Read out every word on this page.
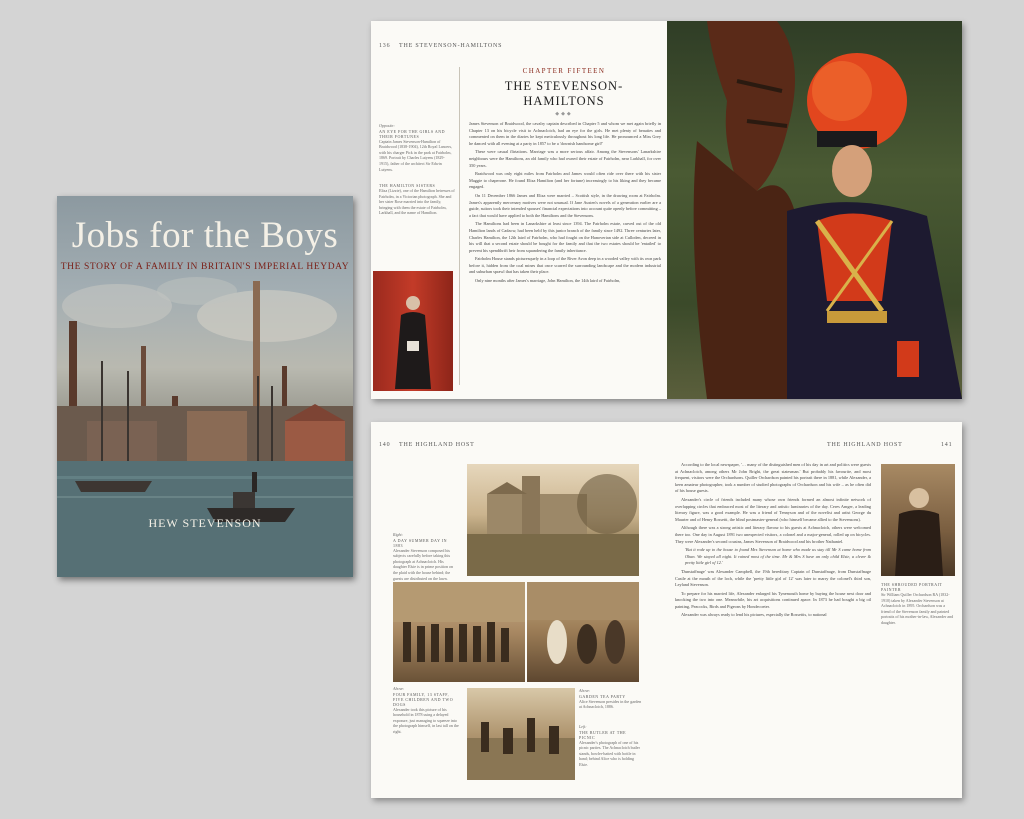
Jobs for the Boys
THE STORY OF A FAMILY IN BRITAIN'S IMPERIAL HEYDAY
HEW STEVENSON
136 THE STEVENSON-HAMILTONS
CHAPTER FIFTEEN
THE STEVENSON-HAMILTONS
◆◆◆
Opposite:
AN EYE FOR THE GIRLS AND THEIR FORTUNES
Captain James Stevenson-Hamilton of Braidwood (1838-1904), 12th Royal Lancers, with his charger Pick in the park at Fairholm, 1869. Portrait by Charles Lutyens (1829-1915), father of the architect Sir Edwin Lutyens.
THE HAMILTON SISTERS
Eliza (Lizzie), one of the Hamilton heiresses of Fairholm, in a Victorian photograph. She and her sister Rose married into the family, bringing with them the estate of Fairholm, Larkhall, and the name of Hamilton.

James Stevenson of Braidwood, the cavalry captain described in Chapter 5 and whom we met again briefly in Chapter 13 on his bicycle visit to Achnacloich, had an eye for the girls. He met plenty of beauties and commented on them in the diaries he kept meticulously throughout his long life. He pronounced a Miss Grey he danced with all evening at a party in 1857 to be a 'downish handsome girl!'

These were casual flirtations. Marriage was a more serious affair. Among the Stevensons' Lanarkshire neighbours were the Hamiltons, an old family who had owned their estate of Fairholm, near Larkhall, for over 350 years.

Braidwood was only eight miles from Fairholm and James would often ride over there with his sister Maggie to chaperone. He found Eliza Hamilton (and her fortune) increasingly to his liking and they became engaged.

On 11 December 1866 James and Eliza were married – Scottish style, in the drawing room at Fairholm. James's apparently mercenary motives were not unusual. If Jane Austen's novels of a generation earlier are a guide, suitors took their intended spouses' financial expectations into account quite openly before committing – a fact that would have applied to both the Hamiltons and the Stevensons.

The Hamiltons had been in Lanarkshire at least since 1394. The Fairholm estate, carved out of the old Hamilton lands of Cadzow, had been held by this junior branch of the family since 1492. Three centuries later, Charles Hamilton, the 12th laird of Fairholm, who had fought on the Hanoverian side at Culloden, decreed in his will that a second estate should be bought for the family and that the two estates should be 'entailed' to prevent his spendthrift heir from squandering the family inheritance.

Fairholm House stands picturesquely in a loop of the River Avon deep in a wooded valley with its own park before it, hidden from the coal mines that once scarred the surrounding landscape and the modern industrial and suburban sprawl that has taken their place.

Only nine months after James's marriage, John Hamilton, the 14th laird of Fairholm,

140 THE HIGHLAND HOST	THE HIGHLAND HOST	141
Right:
A DAY SUMMER DAY IN 1883
Alexander Stevenson composed his subjects carefully before taking this photograph at Achnacloich. His daughter Elsie is in prime position on the plaid with the house behind; the guests are distributed on the lawn.
Above:
FOUR FAMILY, 13 STAFF, FIVE CHILDREN AND TWO DOGS
Alexander took this picture of his household in 1878 using a delayed exposure, just managing to squeeze into the photograph himself, in last tall on the right.
Above:
GARDEN TEA PARTY
Alice Stevenson presides in the garden at Achnacloich, 1886.
Left:
THE BUTLER AT THE PICNIC
Alexander's photograph of one of his picnic parties. The Achnacloich butler stands, bowler-hatted with bottle in hand; behind Alice who is holding Elsie.

According to the local newspaper, '… many of the distinguished men of his day in art and politics were guests at Achnacloich, among others Mr John Bright, the great statesman.' But probably his favourite, and most frequent, visitors were the Orchardsons. Quiller Orchardson painted his portrait there in 1881, while Alexander, a keen amateur photographer, took a number of studied photographs of Orchardson and his wife – as he often did of his house guests.

Alexander's circle of friends included many whose own friends formed an almost infinite network of overlapping circles that embraced most of the literary and artistic luminaries of the day. Ceres Amger, a leading literary figure, was a good example. He was a friend of Tennyson and of the novelist and artist George du Maurier and of Henry Rossetti, the blind postmaster-general (who himself became allied to the Stevensons).

Although there was a strong artistic and literary flavour to his guests at Achnacloich, others were welcomed there too. One day in August 1891 two unexpected visitors, a colonel and a major-general, rolled up on bicycles. They were Alexander's second cousins, James Stevenson of Braidwood and his brother Nathaniel.

'But it rode up to the house to found Mrs Stevenson at home who made us stay till Mr S came home from Oban. We stayed all night. It rained most of the time. Mr & Mrs S have an only child Elsie, a clever & pretty little girl of 12.'

'Dunstaffnage' was Alexander Campbell, the 19th hereditary Captain of Dunstaffnage, from Dunstaffnage Castle at the mouth of the loch, while the 'pretty little girl of 12' was later to marry the colonel's third son, Leyland Stevenson.

To prepare for his married life, Alexander enlarged his Tynemouth home by buying the house next door and knocking the two into one. Meanwhile, his art acquisitions continued apace. In 1873 he had bought a big oil painting, Peacocks, Birds and Pigeons by Hondecoeter.

Alexander was always ready to lend his pictures, especially the Rossettis, to national

THE SHROUDED PORTRAIT PAINTER
Sir William Quiller Orchardson RA (1832-1910) taken by Alexander Stevenson at Achnacloich in 1895. Orchardson was a friend of the Stevenson family and painted portraits of his mother-in-law, Alexander and daughter.
